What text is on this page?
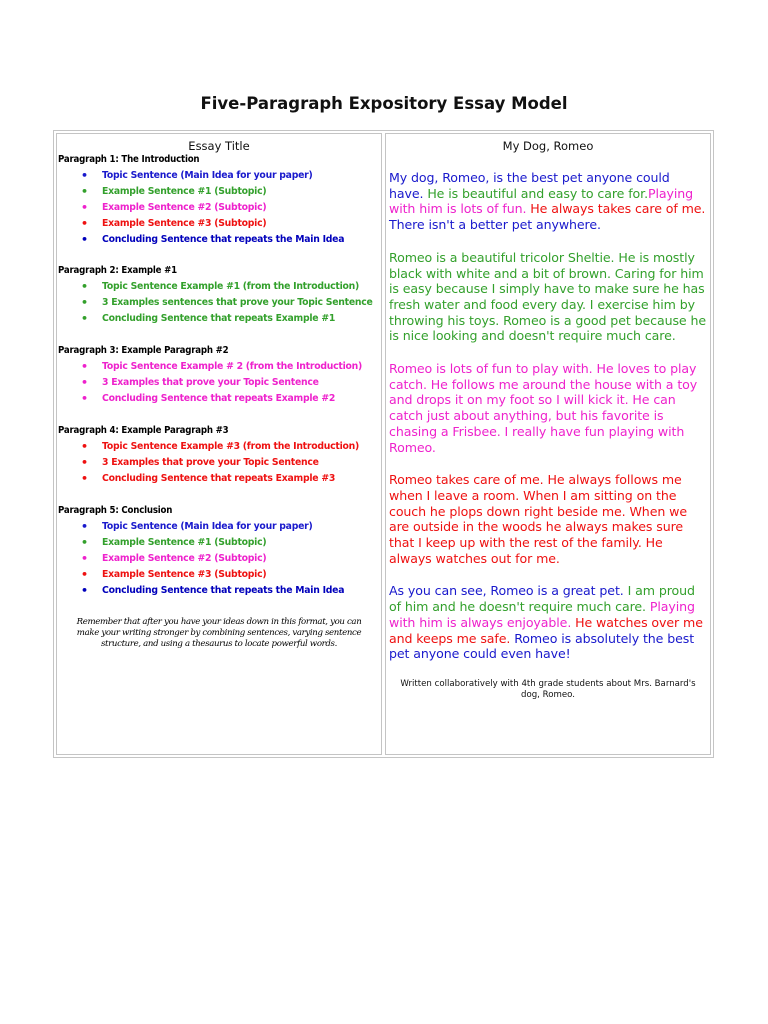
Five-Paragraph Expository Essay Model
Essay Title
Paragraph 1: The Introduction
• Topic Sentence (Main Idea for your paper)
• Example Sentence #1 (Subtopic)
• Example Sentence #2 (Subtopic)
• Example Sentence #3 (Subtopic)
• Concluding Sentence that repeats the Main Idea
Paragraph 2: Example #1
• Topic Sentence Example #1 (from the Introduction)
• 3 Examples sentences that prove your Topic Sentence
• Concluding Sentence that repeats Example #1
Paragraph 3: Example Paragraph #2
• Topic Sentence Example # 2 (from the Introduction)
• 3 Examples that prove your Topic Sentence
• Concluding Sentence that repeats Example #2
Paragraph 4: Example Paragraph #3
• Topic Sentence Example #3 (from the Introduction)
• 3 Examples that prove your Topic Sentence
• Concluding Sentence that repeats Example #3
Paragraph 5: Conclusion
• Topic Sentence (Main Idea for your paper)
• Example Sentence #1 (Subtopic)
• Example Sentence #2 (Subtopic)
• Example Sentence #3 (Subtopic)
• Concluding Sentence that repeats the Main Idea
Remember that after you have your ideas down in this format, you can make your writing stronger by combining sentences, varying sentence structure, and using a thesaurus to locate powerful words.
My Dog, Romeo

My dog, Romeo, is the best pet anyone could have. He is beautiful and easy to care for.Playing with him is lots of fun. He always takes care of me. There isn't a better pet anywhere.

Romeo is a beautiful tricolor Sheltie. He is mostly black with white and a bit of brown. Caring for him is easy because I simply have to make sure he has fresh water and food every day. I exercise him by throwing his toys. Romeo is a good pet because he is nice looking and doesn't require much care.

Romeo is lots of fun to play with. He loves to play catch. He follows me around the house with a toy and drops it on my foot so I will kick it. He can catch just about anything, but his favorite is chasing a Frisbee. I really have fun playing with Romeo.

Romeo takes care of me. He always follows me when I leave a room. When I am sitting on the couch he plops down right beside me. When we are outside in the woods he always makes sure that I keep up with the rest of the family. He always watches out for me.

As you can see, Romeo is a great pet. I am proud of him and he doesn't require much care. Playing with him is always enjoyable. He watches over me and keeps me safe. Romeo is absolutely the best pet anyone could even have!

Written collaboratively with 4th grade students about Mrs. Barnard's dog, Romeo.
